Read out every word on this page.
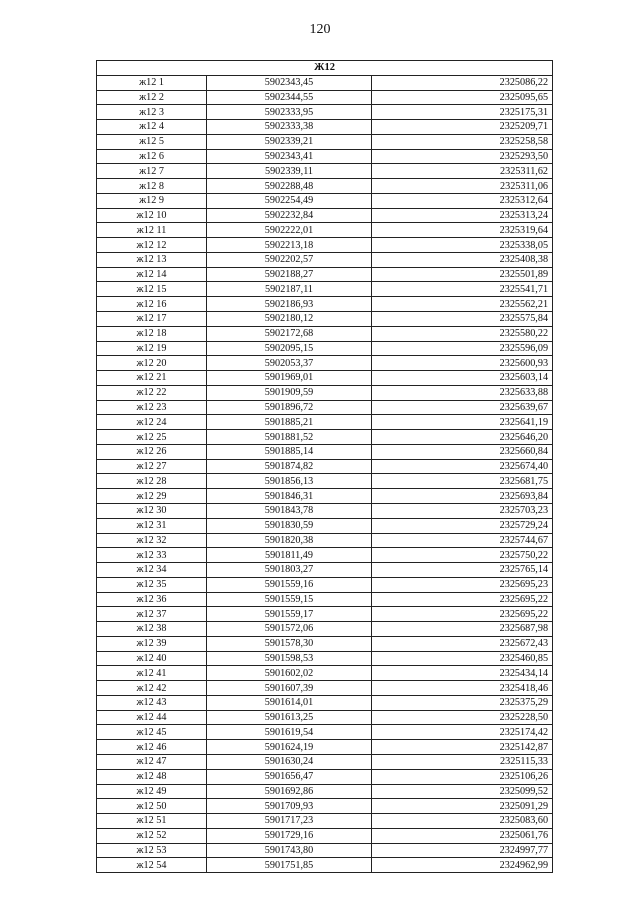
120
Ж12		
ж12 1	5902343,45	2325086,22
ж12 2	5902344,55	2325095,65
ж12 3	5902333,95	2325175,31
ж12 4	5902333,38	2325209,71
ж12 5	5902339,21	2325258,58
ж12 6	5902343,41	2325293,50
ж12 7	5902339,11	2325311,62
ж12 8	5902288,48	2325311,06
ж12 9	5902254,49	2325312,64
ж12 10	5902232,84	2325313,24
ж12 11	5902222,01	2325319,64
ж12 12	5902213,18	2325338,05
ж12 13	5902202,57	2325408,38
ж12 14	5902188,27	2325501,89
ж12 15	5902187,11	2325541,71
ж12 16	5902186,93	2325562,21
ж12 17	5902180,12	2325575,84
ж12 18	5902172,68	2325580,22
ж12 19	5902095,15	2325596,09
ж12 20	5902053,37	2325600,93
ж12 21	5901969,01	2325603,14
ж12 22	5901909,59	2325633,88
ж12 23	5901896,72	2325639,67
ж12 24	5901885,21	2325641,19
ж12 25	5901881,52	2325646,20
ж12 26	5901885,14	2325660,84
ж12 27	5901874,82	2325674,40
ж12 28	5901856,13	2325681,75
ж12 29	5901846,31	2325693,84
ж12 30	5901843,78	2325703,23
ж12 31	5901830,59	2325729,24
ж12 32	5901820,38	2325744,67
ж12 33	5901811,49	2325750,22
ж12 34	5901803,27	2325765,14
ж12 35	5901559,16	2325695,23
ж12 36	5901559,15	2325695,22
ж12 37	5901559,17	2325695,22
ж12 38	5901572,06	2325687,98
ж12 39	5901578,30	2325672,43
ж12 40	5901598,53	2325460,85
ж12 41	5901602,02	2325434,14
ж12 42	5901607,39	2325418,46
ж12 43	5901614,01	2325375,29
ж12 44	5901613,25	2325228,50
ж12 45	5901619,54	2325174,42
ж12 46	5901624,19	2325142,87
ж12 47	5901630,24	2325115,33
ж12 48	5901656,47	2325106,26
ж12 49	5901692,86	2325099,52
ж12 50	5901709,93	2325091,29
ж12 51	5901717,23	2325083,60
ж12 52	5901729,16	2325061,76
ж12 53	5901743,80	2324997,77
ж12 54	5901751,85	2324962,99
